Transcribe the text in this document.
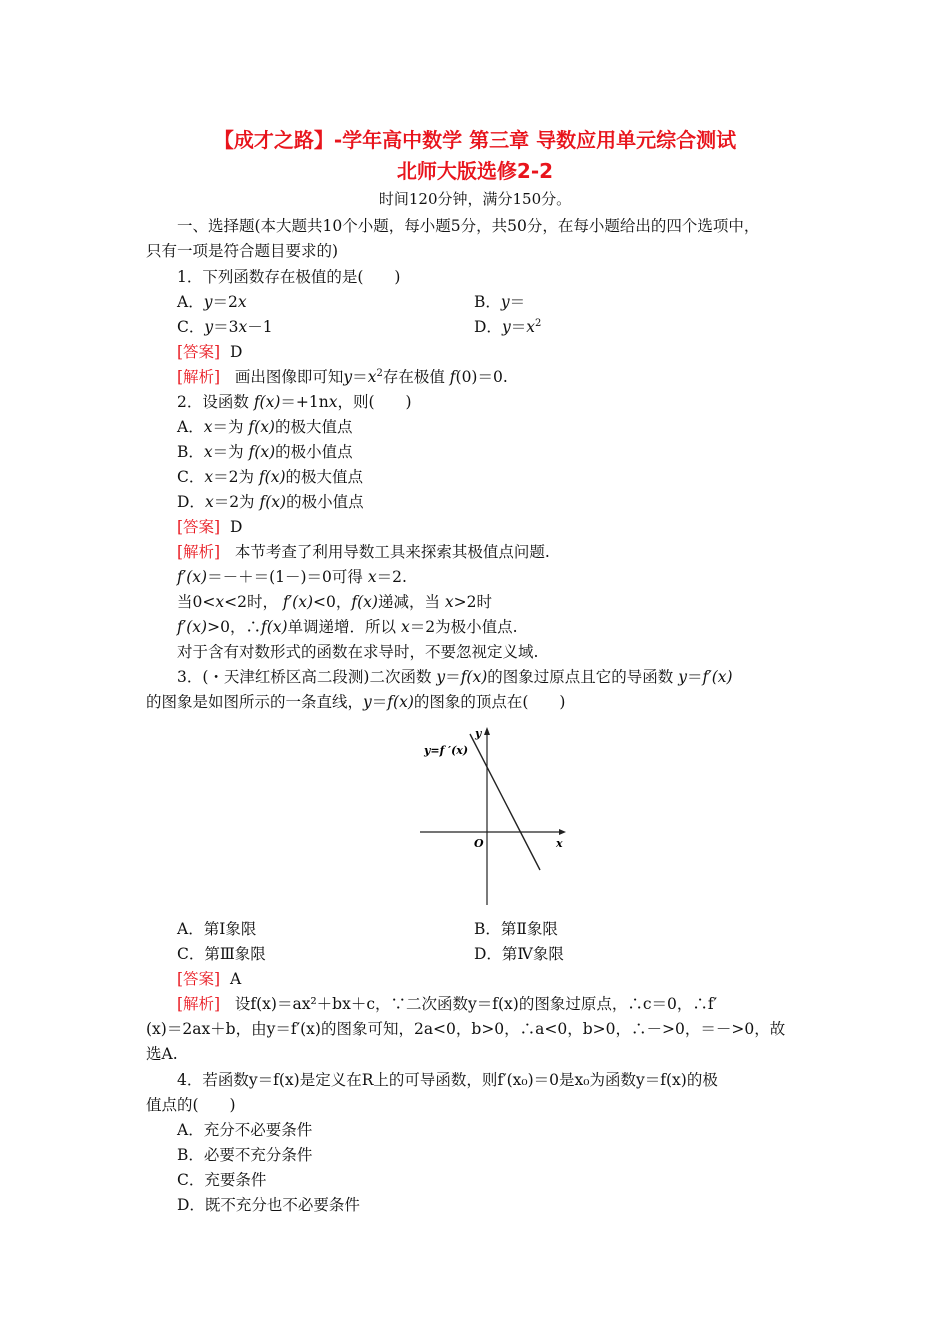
【成才之路】-学年高中数学 第三章 导数应用单元综合测试
北师大版选修2-2
时间120分钟，满分150分。
一、选择题(本大题共10个小题，每小题5分，共50分，在每小题给出的四个选项中，
只有一项是符合题目要求的)
1．下列函数存在极值的是(　　)
A．y＝2x	B．y＝
C．y＝3x－1	D．$y=x^2$
[答案] D
[解析] 画出图像即可知$y=x^2$存在极值 f(0)＝0.
2．设函数 f(x)＝+1nx，则(　　)
A．x＝为 f(x)的极大值点
B．x＝为 f(x)的极小值点
C．x＝2为 f(x)的极大值点
D．x＝2为 f(x)的极小值点
[答案] D
[解析] 本节考查了利用导数工具来探索其极值点问题.
f′(x)＝－＋＝(1－)＝0可得 x＝2.
当0<x<2时， f′(x)<0，f(x)递减，当 x>2时
f′(x)>0，∴f(x)单调递增．所以 x＝2为极小值点.
对于含有对数形式的函数在求导时，不要忽视定义域.
3．(・天津红桥区高二段测)二次函数 y＝f(x)的图象过原点且它的导函数 y＝f′(x)
的图象是如图所示的一条直线，y＝f(x)的图象的顶点在(　　)
y=f ′(x)
y
x
O
A．第Ⅰ象限	B．第Ⅱ象限
C．第Ⅲ象限	D．第Ⅳ象限
[答案] A
[解析] 设f(x)＝ax²＋bx＋c，∵二次函数y＝f(x)的图象过原点，∴c＝0，∴f′
(x)＝2ax＋b，由y＝f′(x)的图象可知，2a<0，b>0，∴a<0，b>0，∴－>0，＝－>0，故
选A.
4．若函数y＝f(x)是定义在R上的可导函数，则f′(x₀)＝0是x₀为函数y＝f(x)的极
值点的(　　)
A．充分不必要条件
B．必要不充分条件
C．充要条件
D．既不充分也不必要条件
